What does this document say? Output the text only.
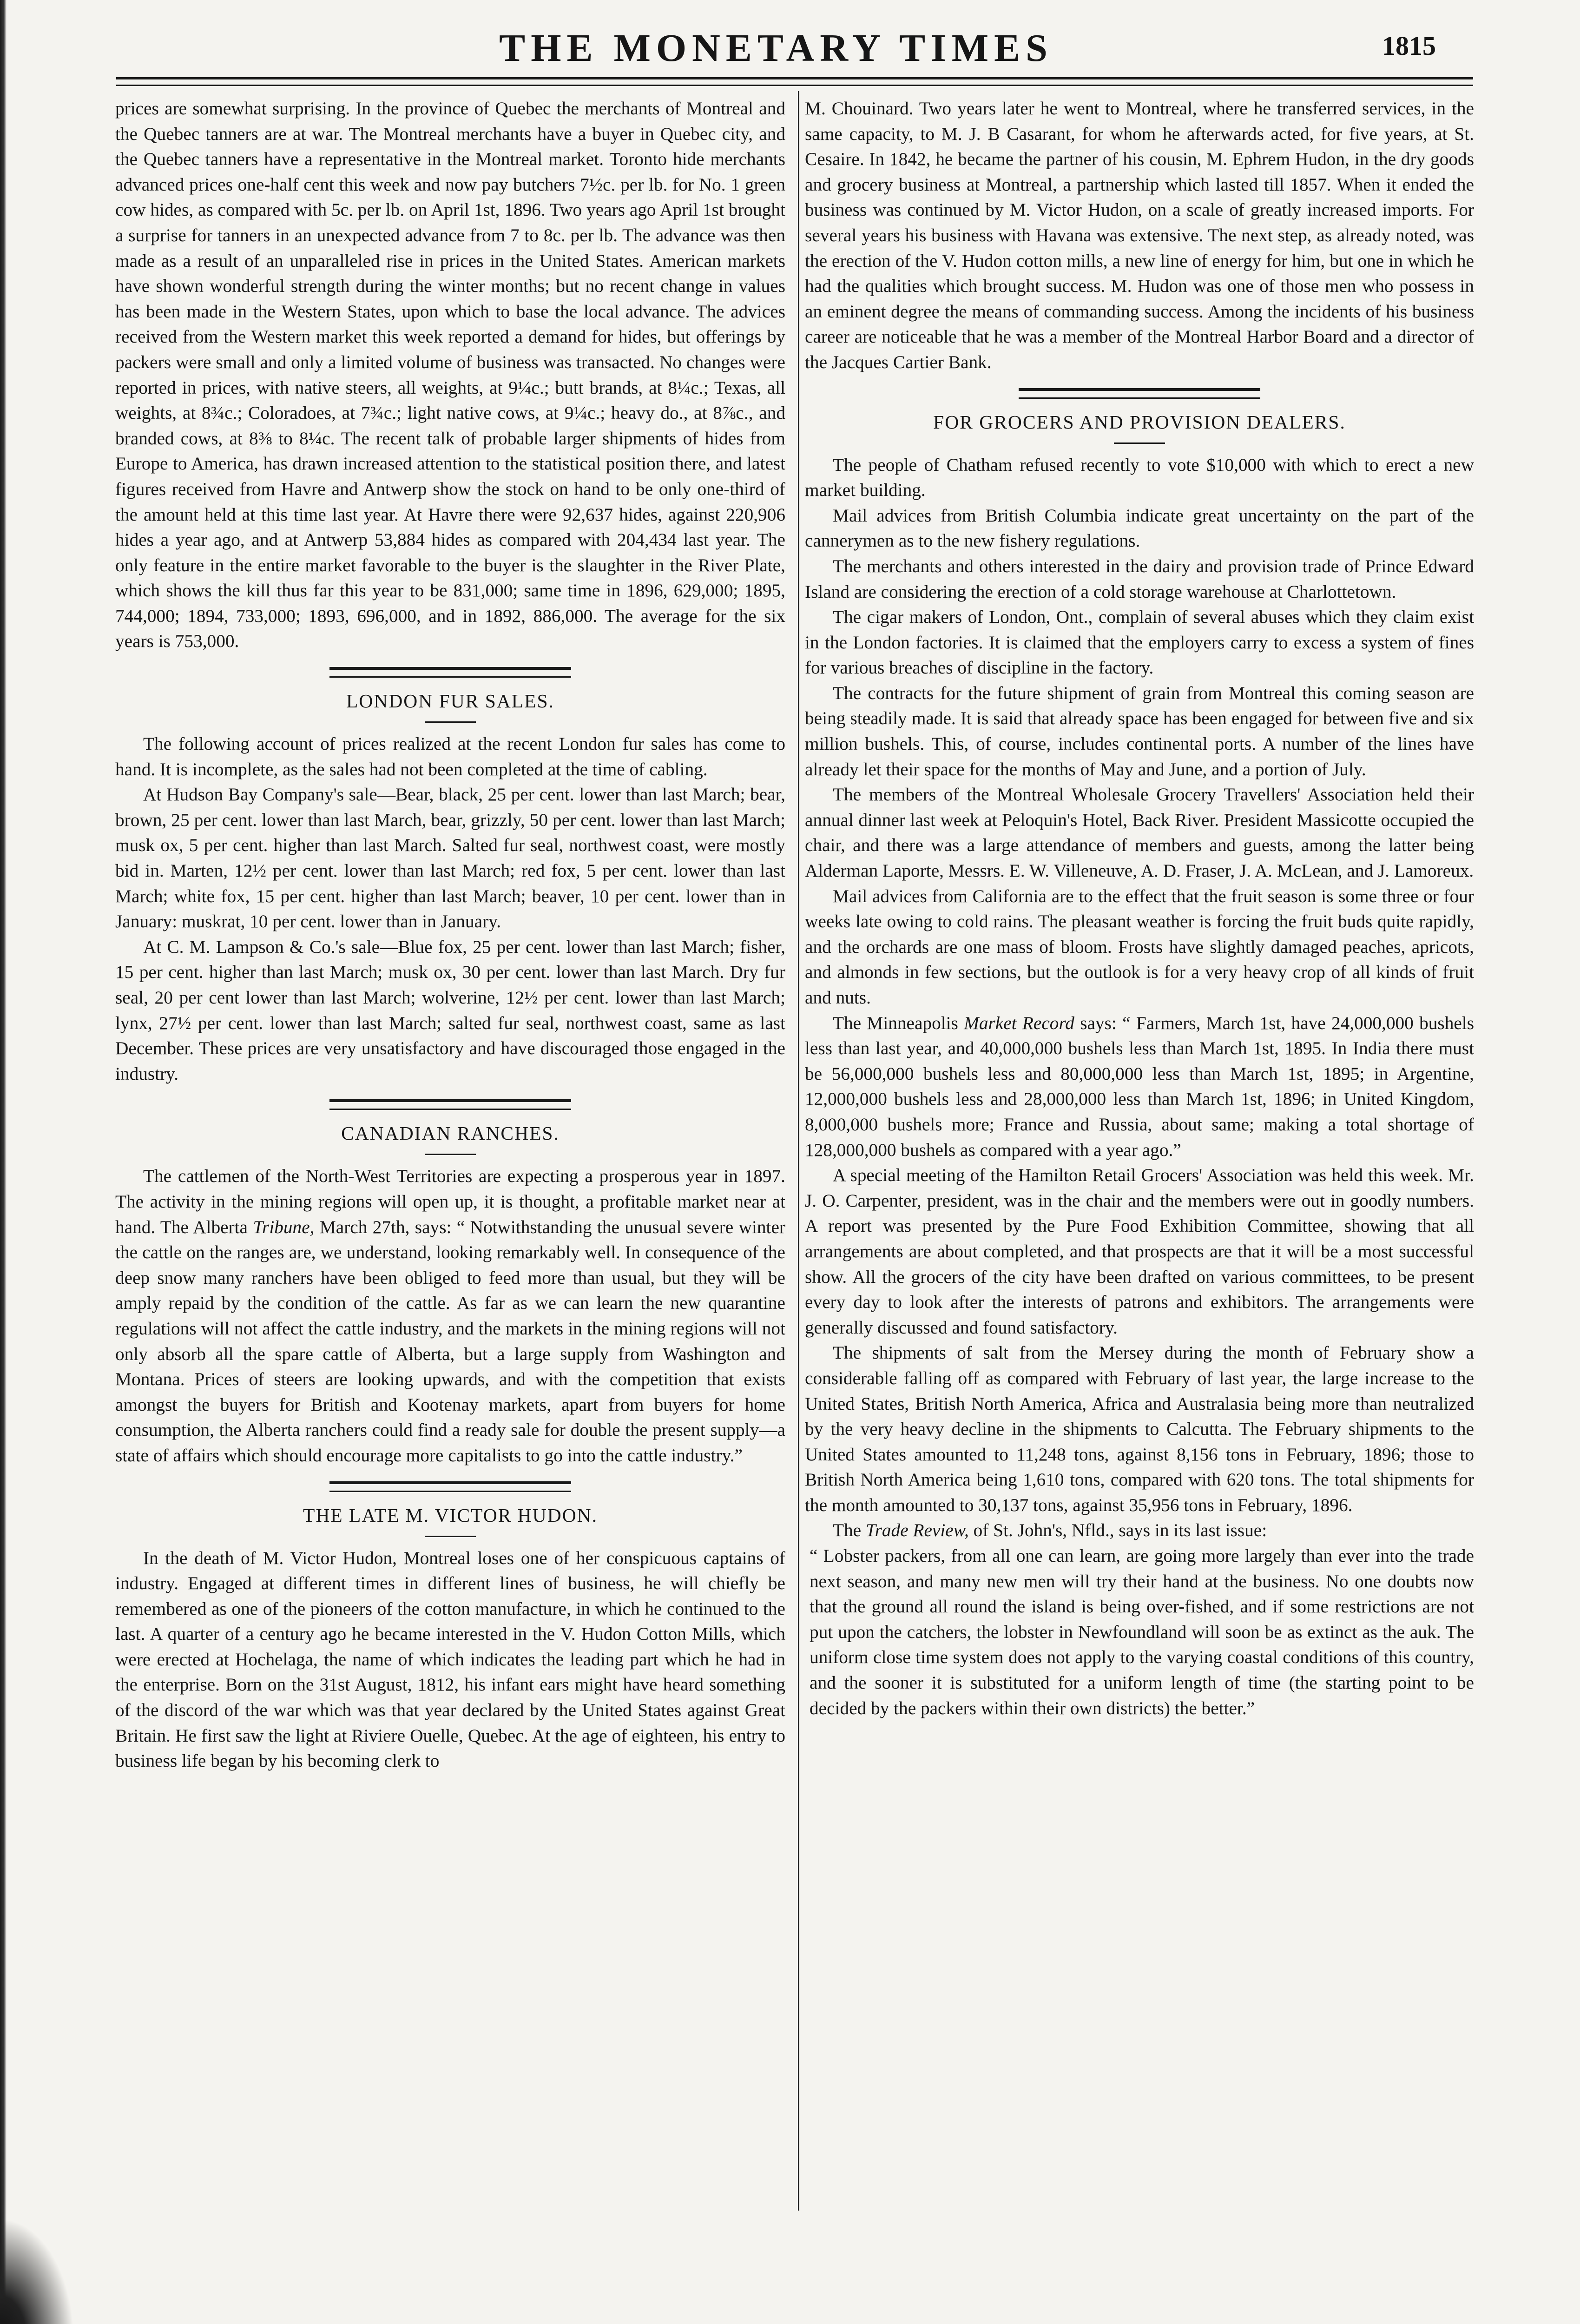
THE MONETARY TIMES	1815

prices are somewhat surprising. In the province of Quebec the merchants of Montreal and the Quebec tanners are at war. The Montreal merchants have a buyer in Quebec city, and the Quebec tanners have a representative in the Montreal market. Toronto hide merchants advanced prices one-half cent this week and now pay butchers 7½c. per lb. for No. 1 green cow hides, as compared with 5c. per lb. on April 1st, 1896. Two years ago April 1st brought a surprise for tanners in an unexpected advance from 7 to 8c. per lb. The advance was then made as a result of an unparalleled rise in prices in the United States. American markets have shown wonderful strength during the winter months; but no recent change in values has been made in the Western States, upon which to base the local advance. The advices received from the Western market this week reported a demand for hides, but offerings by packers were small and only a limited volume of business was transacted. No changes were reported in prices, with native steers, all weights, at 9¼c.; butt brands, at 8¼c.; Texas, all weights, at 8¾c.; Coloradoes, at 7¾c.; light native cows, at 9¼c.; heavy do., at 8⅞c., and branded cows, at 8⅜ to 8¼c. The recent talk of probable larger shipments of hides from Europe to America, has drawn increased attention to the statistical position there, and latest figures received from Havre and Antwerp show the stock on hand to be only one-third of the amount held at this time last year. At Havre there were 92,637 hides, against 220,906 hides a year ago, and at Antwerp 53,884 hides as compared with 204,434 last year. The only feature in the entire market favorable to the buyer is the slaughter in the River Plate, which shows the kill thus far this year to be 831,000; same time in 1896, 629,000; 1895, 744,000; 1894, 733,000; 1893, 696,000, and in 1892, 886,000. The average for the six years is 753,000.

LONDON FUR SALES.

The following account of prices realized at the recent London fur sales has come to hand. It is incomplete, as the sales had not been completed at the time of cabling.

At Hudson Bay Company's sale—Bear, black, 25 per cent. lower than last March; bear, brown, 25 per cent. lower than last March, bear, grizzly, 50 per cent. lower than last March; musk ox, 5 per cent. higher than last March. Salted fur seal, northwest coast, were mostly bid in. Marten, 12½ per cent. lower than last March; red fox, 5 per cent. lower than last March; white fox, 15 per cent. higher than last March; beaver, 10 per cent. lower than in January: muskrat, 10 per cent. lower than in January.

At C. M. Lampson & Co.'s sale—Blue fox, 25 per cent. lower than last March; fisher, 15 per cent. higher than last March; musk ox, 30 per cent. lower than last March. Dry fur seal, 20 per cent lower than last March; wolverine, 12½ per cent. lower than last March; lynx, 27½ per cent. lower than last March; salted fur seal, northwest coast, same as last December. These prices are very unsatisfactory and have discouraged those engaged in the industry.

CANADIAN RANCHES.

The cattlemen of the North-West Territories are expecting a prosperous year in 1897. The activity in the mining regions will open up, it is thought, a profitable market near at hand. The Alberta Tribune, March 27th, says: “ Notwithstanding the unusual severe winter the cattle on the ranges are, we understand, looking remarkably well. In consequence of the deep snow many ranchers have been obliged to feed more than usual, but they will be amply repaid by the condition of the cattle. As far as we can learn the new quarantine regulations will not affect the cattle industry, and the markets in the mining regions will not only absorb all the spare cattle of Alberta, but a large supply from Washington and Montana. Prices of steers are looking upwards, and with the competition that exists amongst the buyers for British and Kootenay markets, apart from buyers for home consumption, the Alberta ranchers could find a ready sale for double the present supply—a state of affairs which should encourage more capitalists to go into the cattle industry.”

THE LATE M. VICTOR HUDON.

In the death of M. Victor Hudon, Montreal loses one of her conspicuous captains of industry. Engaged at different times in different lines of business, he will chiefly be remembered as one of the pioneers of the cotton manufacture, in which he continued to the last. A quarter of a century ago he became interested in the V. Hudon Cotton Mills, which were erected at Hochelaga, the name of which indicates the leading part which he had in the enterprise. Born on the 31st August, 1812, his infant ears might have heard something of the discord of the war which was that year declared by the United States against Great Britain. He first saw the light at Riviere Ouelle, Quebec. At the age of eighteen, his entry to business life began by his becoming clerk to

M. Chouinard. Two years later he went to Montreal, where he transferred services, in the same capacity, to M. J. B Casarant, for whom he afterwards acted, for five years, at St. Cesaire. In 1842, he became the partner of his cousin, M. Ephrem Hudon, in the dry goods and grocery business at Montreal, a partnership which lasted till 1857. When it ended the business was continued by M. Victor Hudon, on a scale of greatly increased imports. For several years his business with Havana was extensive. The next step, as already noted, was the erection of the V. Hudon cotton mills, a new line of energy for him, but one in which he had the qualities which brought success. M. Hudon was one of those men who possess in an eminent degree the means of commanding success. Among the incidents of his business career are noticeable that he was a member of the Montreal Harbor Board and a director of the Jacques Cartier Bank.

FOR GROCERS AND PROVISION DEALERS.

The people of Chatham refused recently to vote $10,000 with which to erect a new market building.

Mail advices from British Columbia indicate great uncertainty on the part of the cannerymen as to the new fishery regulations.

The merchants and others interested in the dairy and provision trade of Prince Edward Island are considering the erection of a cold storage warehouse at Charlottetown.

The cigar makers of London, Ont., complain of several abuses which they claim exist in the London factories. It is claimed that the employers carry to excess a system of fines for various breaches of discipline in the factory.

The contracts for the future shipment of grain from Montreal this coming season are being steadily made. It is said that already space has been engaged for between five and six million bushels. This, of course, includes continental ports. A number of the lines have already let their space for the months of May and June, and a portion of July.

The members of the Montreal Wholesale Grocery Travellers' Association held their annual dinner last week at Peloquin's Hotel, Back River. President Massicotte occupied the chair, and there was a large attendance of members and guests, among the latter being Alderman Laporte, Messrs. E. W. Villeneuve, A. D. Fraser, J. A. McLean, and J. Lamoreux.

Mail advices from California are to the effect that the fruit season is some three or four weeks late owing to cold rains. The pleasant weather is forcing the fruit buds quite rapidly, and the orchards are one mass of bloom. Frosts have slightly damaged peaches, apricots, and almonds in few sections, but the outlook is for a very heavy crop of all kinds of fruit and nuts.

The Minneapolis Market Record says: “ Farmers, March 1st, have 24,000,000 bushels less than last year, and 40,000,000 bushels less than March 1st, 1895. In India there must be 56,000,000 bushels less and 80,000,000 less than March 1st, 1895; in Argentine, 12,000,000 bushels less and 28,000,000 less than March 1st, 1896; in United Kingdom, 8,000,000 bushels more; France and Russia, about same; making a total shortage of 128,000,000 bushels as compared with a year ago.”

A special meeting of the Hamilton Retail Grocers' Association was held this week. Mr. J. O. Carpenter, president, was in the chair and the members were out in goodly numbers. A report was presented by the Pure Food Exhibition Committee, showing that all arrangements are about completed, and that prospects are that it will be a most successful show. All the grocers of the city have been drafted on various committees, to be present every day to look after the interests of patrons and exhibitors. The arrangements were generally discussed and found satisfactory.

The shipments of salt from the Mersey during the month of February show a considerable falling off as compared with February of last year, the large increase to the United States, British North America, Africa and Australasia being more than neutralized by the very heavy decline in the shipments to Calcutta. The February shipments to the United States amounted to 11,248 tons, against 8,156 tons in February, 1896; those to British North America being 1,610 tons, compared with 620 tons. The total shipments for the month amounted to 30,137 tons, against 35,956 tons in February, 1896.

The Trade Review, of St. John's, Nfld., says in its last issue:

“ Lobster packers, from all one can learn, are going more largely than ever into the trade next season, and many new men will try their hand at the business. No one doubts now that the ground all round the island is being over-fished, and if some restrictions are not put upon the catchers, the lobster in Newfoundland will soon be as extinct as the auk. The uniform close time system does not apply to the varying coastal conditions of this country, and the sooner it is substituted for a uniform length of time (the starting point to be decided by the packers within their own districts) the better.”
